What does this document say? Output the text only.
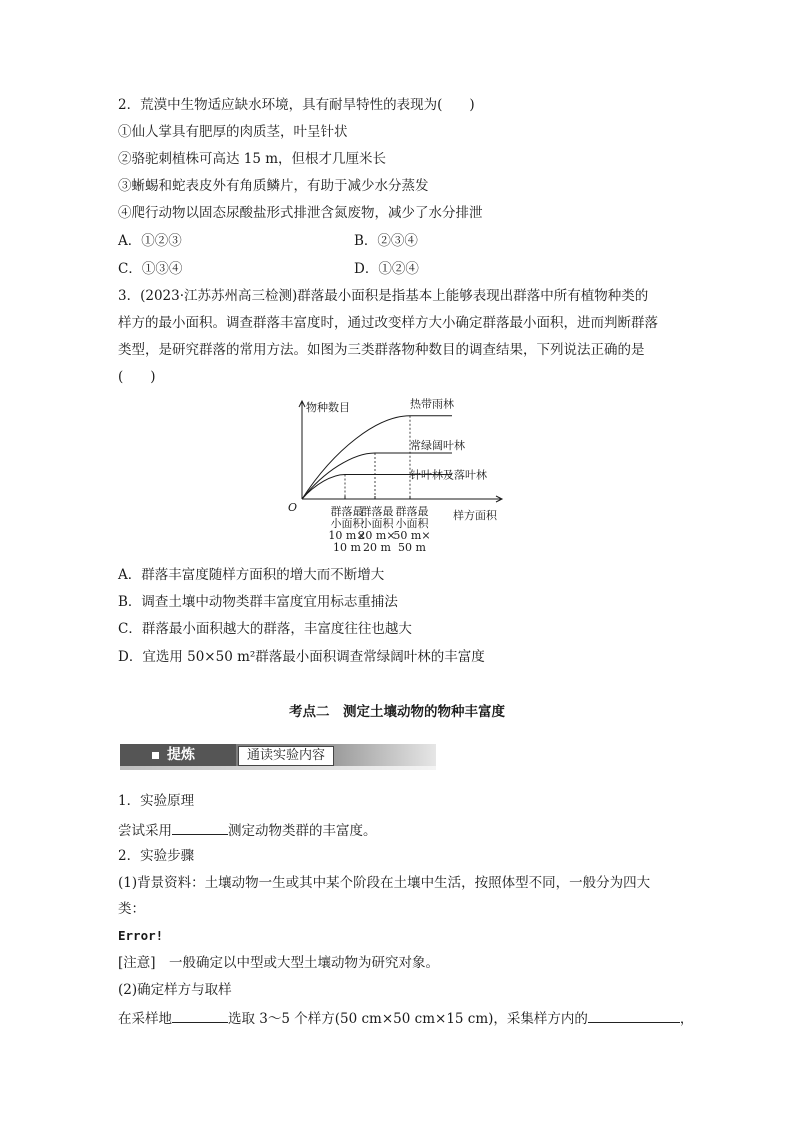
2．荒漠中生物适应缺水环境，具有耐旱特性的表现为(　　)
①仙人掌具有肥厚的肉质茎，叶呈针状
②骆驼刺植株可高达 15 m，但根才几厘米长
③蜥蜴和蛇表皮外有角质鳞片，有助于减少水分蒸发
④爬行动物以固态尿酸盐形式排泄含氮废物，减少了水分排泄
A．①②③	B．②③④
C．①③④	D．①②④
3．(2023·江苏苏州高三检测)群落最小面积是指基本上能够表现出群落中所有植物种类的
样方的最小面积。调查群落丰富度时，通过改变样方大小确定群落最小面积，进而判断群落
类型，是研究群落的常用方法。如图为三类群落物种数目的调查结果，下列说法正确的是
(　　)
物种数目
样方面积
O
热带雨林
常绿阔叶林
针叶林及落叶林
群落最
小面积
10 m×
10 m
群落最
小面积
20 m×
20 m
群落最
小面积
50 m×
50 m
A．群落丰富度随样方面积的增大而不断增大
B．调查土壤中动物类群丰富度宜用标志重捕法
C．群落最小面积越大的群落，丰富度往往也越大
D．宜选用 50×50 m²群落最小面积调查常绿阔叶林的丰富度
考点二　测定土壤动物的物种丰富度
提炼	通读实验内容
1．实验原理
尝试采用	测定动物类群的丰富度。
2．实验步骤
(1)背景资料：土壤动物一生或其中某个阶段在土壤中生活，按照体型不同，一般分为四大
类：
Error!
[注意]　一般确定以中型或大型土壤动物为研究对象。
(2)确定样方与取样
在采样地	选取 3～5 个样方(50 cm×50 cm×15 cm)，采集样方内的	，
